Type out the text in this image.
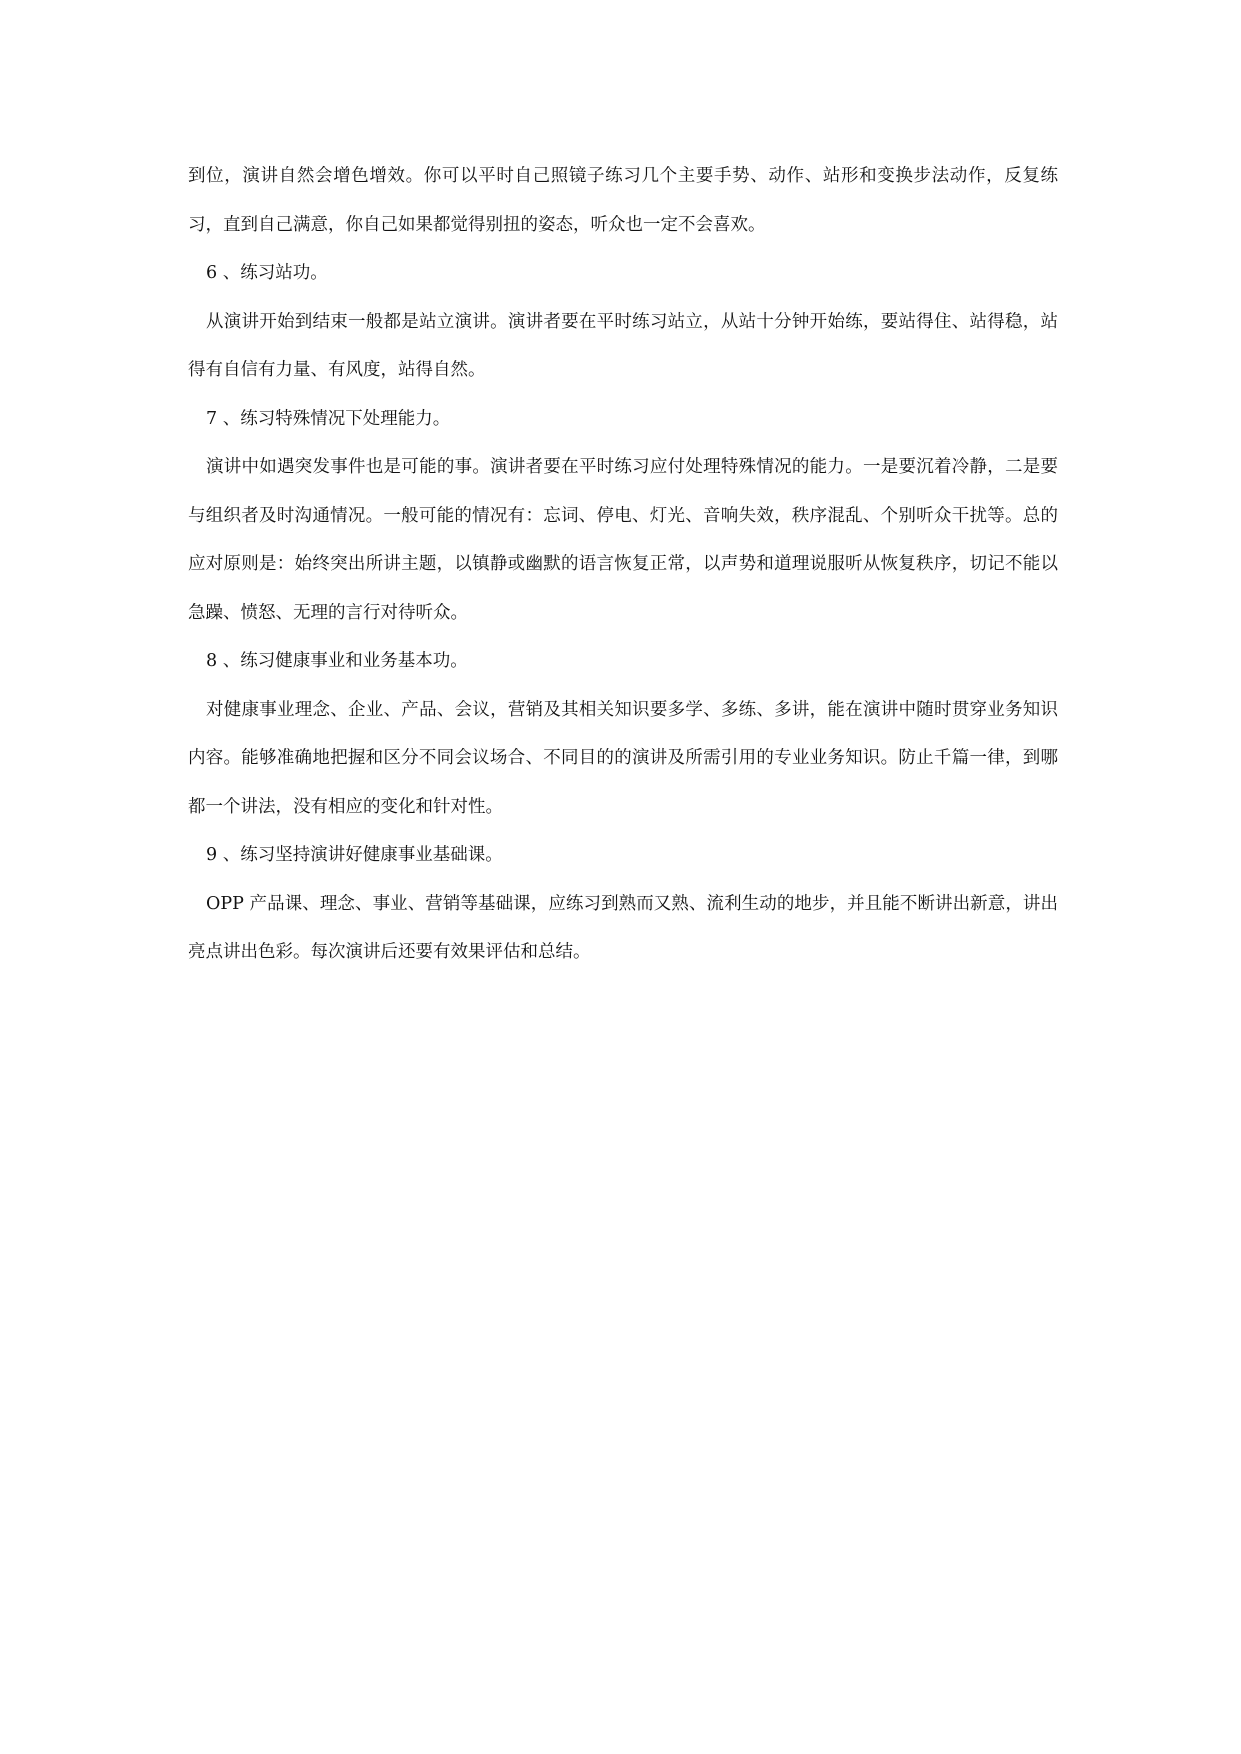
到位，演讲自然会增色增效。你可以平时自己照镜子练习几个主要手势、动作、站形和变换步法动作，反复练习，直到自己满意，你自己如果都觉得别扭的姿态，听众也一定不会喜欢。

6 、练习站功。

从演讲开始到结束一般都是站立演讲。演讲者要在平时练习站立，从站十分钟开始练，要站得住、站得稳，站得有自信有力量、有风度，站得自然。

7 、练习特殊情况下处理能力。

演讲中如遇突发事件也是可能的事。演讲者要在平时练习应付处理特殊情况的能力。一是要沉着冷静，二是要与组织者及时沟通情况。一般可能的情况有：忘词、停电、灯光、音响失效，秩序混乱、个别听众干扰等。总的应对原则是：始终突出所讲主题，以镇静或幽默的语言恢复正常，以声势和道理说服听从恢复秩序，切记不能以急躁、愤怒、无理的言行对待听众。

8 、练习健康事业和业务基本功。

对健康事业理念、企业、产品、会议，营销及其相关知识要多学、多练、多讲，能在演讲中随时贯穿业务知识内容。能够准确地把握和区分不同会议场合、不同目的的演讲及所需引用的专业业务知识。防止千篇一律，到哪都一个讲法，没有相应的变化和针对性。

9 、练习坚持演讲好健康事业基础课。

OPP 产品课、理念、事业、营销等基础课，应练习到熟而又熟、流利生动的地步，并且能不断讲出新意，讲出亮点讲出色彩。每次演讲后还要有效果评估和总结。
